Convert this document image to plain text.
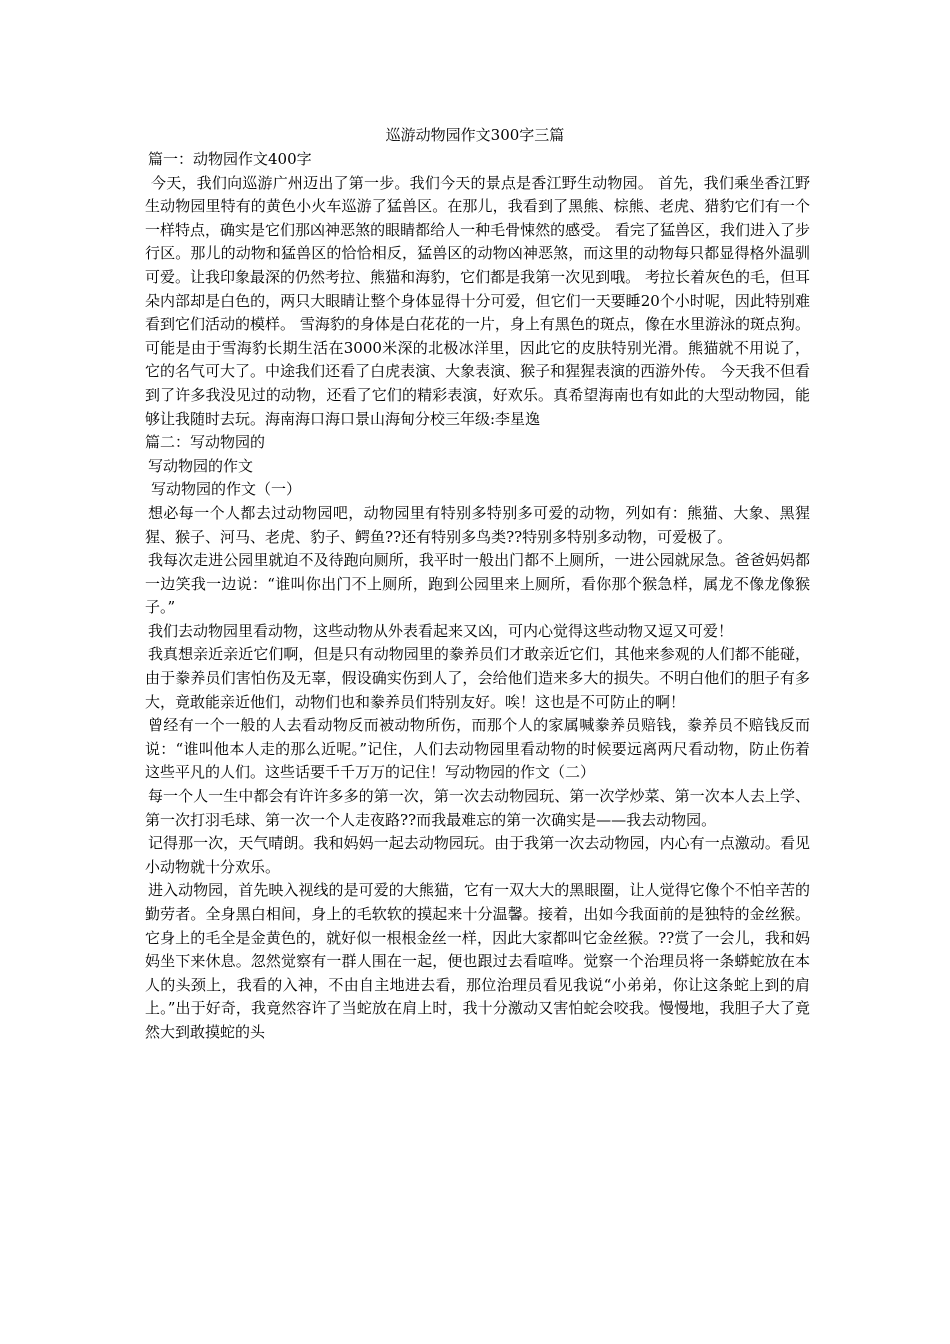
巡游动物园作文300字三篇

篇一：动物园作文400字

今天，我们向巡游广州迈出了第一步。我们今天的景点是香江野生动物园。 首先，我们乘坐香江野生动物园里特有的黄色小火车巡游了猛兽区。在那儿，我看到了黑熊、棕熊、老虎、猎豹它们有一个一样特点，确实是它们那凶神恶煞的眼睛都给人一种毛骨悚然的感受。 看完了猛兽区，我们进入了步行区。那儿的动物和猛兽区的恰恰相反，猛兽区的动物凶神恶煞，而这里的动物每只都显得格外温驯可爱。让我印象最深的仍然考拉、熊猫和海豹，它们都是我第一次见到哦。 考拉长着灰色的毛，但耳朵内部却是白色的，两只大眼睛让整个身体显得十分可爱，但它们一天要睡20个小时呢，因此特别难看到它们活动的模样。 雪海豹的身体是白花花的一片，身上有黑色的斑点，像在水里游泳的斑点狗。可能是由于雪海豹长期生活在3000米深的北极冰洋里，因此它的皮肤特别光滑。熊猫就不用说了，它的名气可大了。中途我们还看了白虎表演、大象表演、猴子和猩猩表演的西游外传。 今天我不但看到了许多我没见过的动物，还看了它们的精彩表演，好欢乐。真希望海南也有如此的大型动物园，能够让我随时去玩。海南海口海口景山海甸分校三年级:李星逸

篇二：写动物园的

写动物园的作文

写动物园的作文（一）

想必每一个人都去过动物园吧，动物园里有特别多特别多可爱的动物，列如有：熊猫、大象、黑猩猩、猴子、河马、老虎、豹子、鳄鱼??还有特别多鸟类??特别多特别多动物，可爱极了。

我每次走进公园里就迫不及待跑向厕所，我平时一般出门都不上厕所，一进公园就尿急。爸爸妈妈都一边笑我一边说：“谁叫你出门不上厕所，跑到公园里来上厕所，看你那个猴急样，属龙不像龙像猴子。”

我们去动物园里看动物，这些动物从外表看起来又凶，可内心觉得这些动物又逗又可爱！

我真想亲近亲近它们啊，但是只有动物园里的豢养员们才敢亲近它们，其他来参观的人们都不能碰，由于豢养员们害怕伤及无辜，假设确实伤到人了，会给他们造来多大的损失。不明白他们的胆子有多大，竟敢能亲近他们，动物们也和豢养员们特别友好。唉！这也是不可防止的啊！

曾经有一个一般的人去看动物反而被动物所伤，而那个人的家属喊豢养员赔钱，豢养员不赔钱反而说：“谁叫他本人走的那么近呢。”记住，人们去动物园里看动物的时候要远离两尺看动物，防止伤着这些平凡的人们。这些话要千千万万的记住！写动物园的作文（二）

每一个人一生中都会有许许多多的第一次，第一次去动物园玩、第一次学炒菜、第一次本人去上学、第一次打羽毛球、第一次一个人走夜路??而我最难忘的第一次确实是——我去动物园。

记得那一次，天气晴朗。我和妈妈一起去动物园玩。由于我第一次去动物园，内心有一点激动。看见小动物就十分欢乐。

进入动物园，首先映入视线的是可爱的大熊猫，它有一双大大的黑眼圈，让人觉得它像个不怕辛苦的勤劳者。全身黑白相间，身上的毛软软的摸起来十分温馨。接着，出如今我面前的是独特的金丝猴。它身上的毛全是金黄色的，就好似一根根金丝一样，因此大家都叫它金丝猴。??赏了一会儿，我和妈妈坐下来休息。忽然觉察有一群人围在一起，便也跟过去看喧哗。觉察一个治理员将一条蟒蛇放在本人的头颈上，我看的入神，不由自主地进去看，那位治理员看见我说“小弟弟，你让这条蛇上到的肩上。”出于好奇，我竟然容许了当蛇放在肩上时，我十分激动又害怕蛇会咬我。慢慢地，我胆子大了竟然大到敢摸蛇的头
